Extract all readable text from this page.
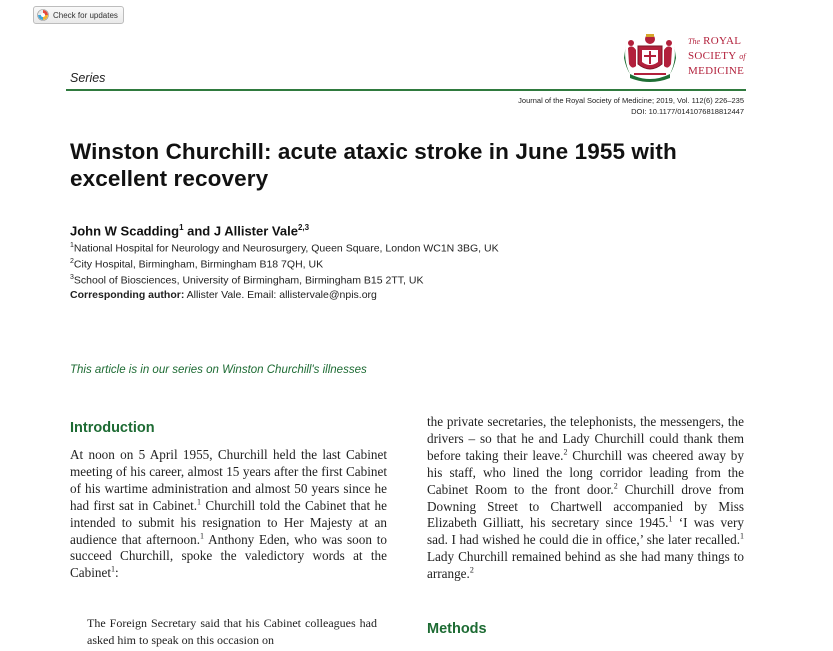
Check for updates
Series
The ROYAL
SOCIETY of
MEDICINE
Journal of the Royal Society of Medicine; 2019, Vol. 112(6) 226–235
DOI: 10.1177/0141076818812447
Winston Churchill: acute ataxic stroke in June 1955 with excellent recovery
John W Scadding$^1$ and J Allister Vale$^{2,3}$
$^1$National Hospital for Neurology and Neurosurgery, Queen Square, London WC1N 3BG, UK
$^2$City Hospital, Birmingham, Birmingham B18 7QH, UK
$^3$School of Biosciences, University of Birmingham, Birmingham B15 2TT, UK
Corresponding author: Allister Vale. Email: allistervale@npis.org
This article is in our series on Winston Churchill's illnesses
Introduction
Methods

At noon on 5 April 1955, Churchill held the last Cabinet meeting of his career, almost 15 years after the first Cabinet of his wartime administration and almost 50 years since he had first sat in Cabinet.$^1$ Churchill told the Cabinet that he intended to submit his resignation to Her Majesty at an audience that afternoon.$^1$ Anthony Eden, who was soon to succeed Churchill, spoke the valedictory words at the Cabinet$^1$:

The Foreign Secretary said that his Cabinet colleagues had asked him to speak on this occasion on

the private secretaries, the telephonists, the messengers, the drivers – so that he and Lady Churchill could thank them before taking their leave.$^2$ Churchill was cheered away by his staff, who lined the long corridor leading from the Cabinet Room to the front door.$^2$ Churchill drove from Downing Street to Chartwell accompanied by Miss Elizabeth Gilliatt, his secretary since 1945.$^1$ ‘I was very sad. I had wished he could die in office,’ she later recalled.$^1$ Lady Churchill remained behind as she had many things to arrange.$^2$
